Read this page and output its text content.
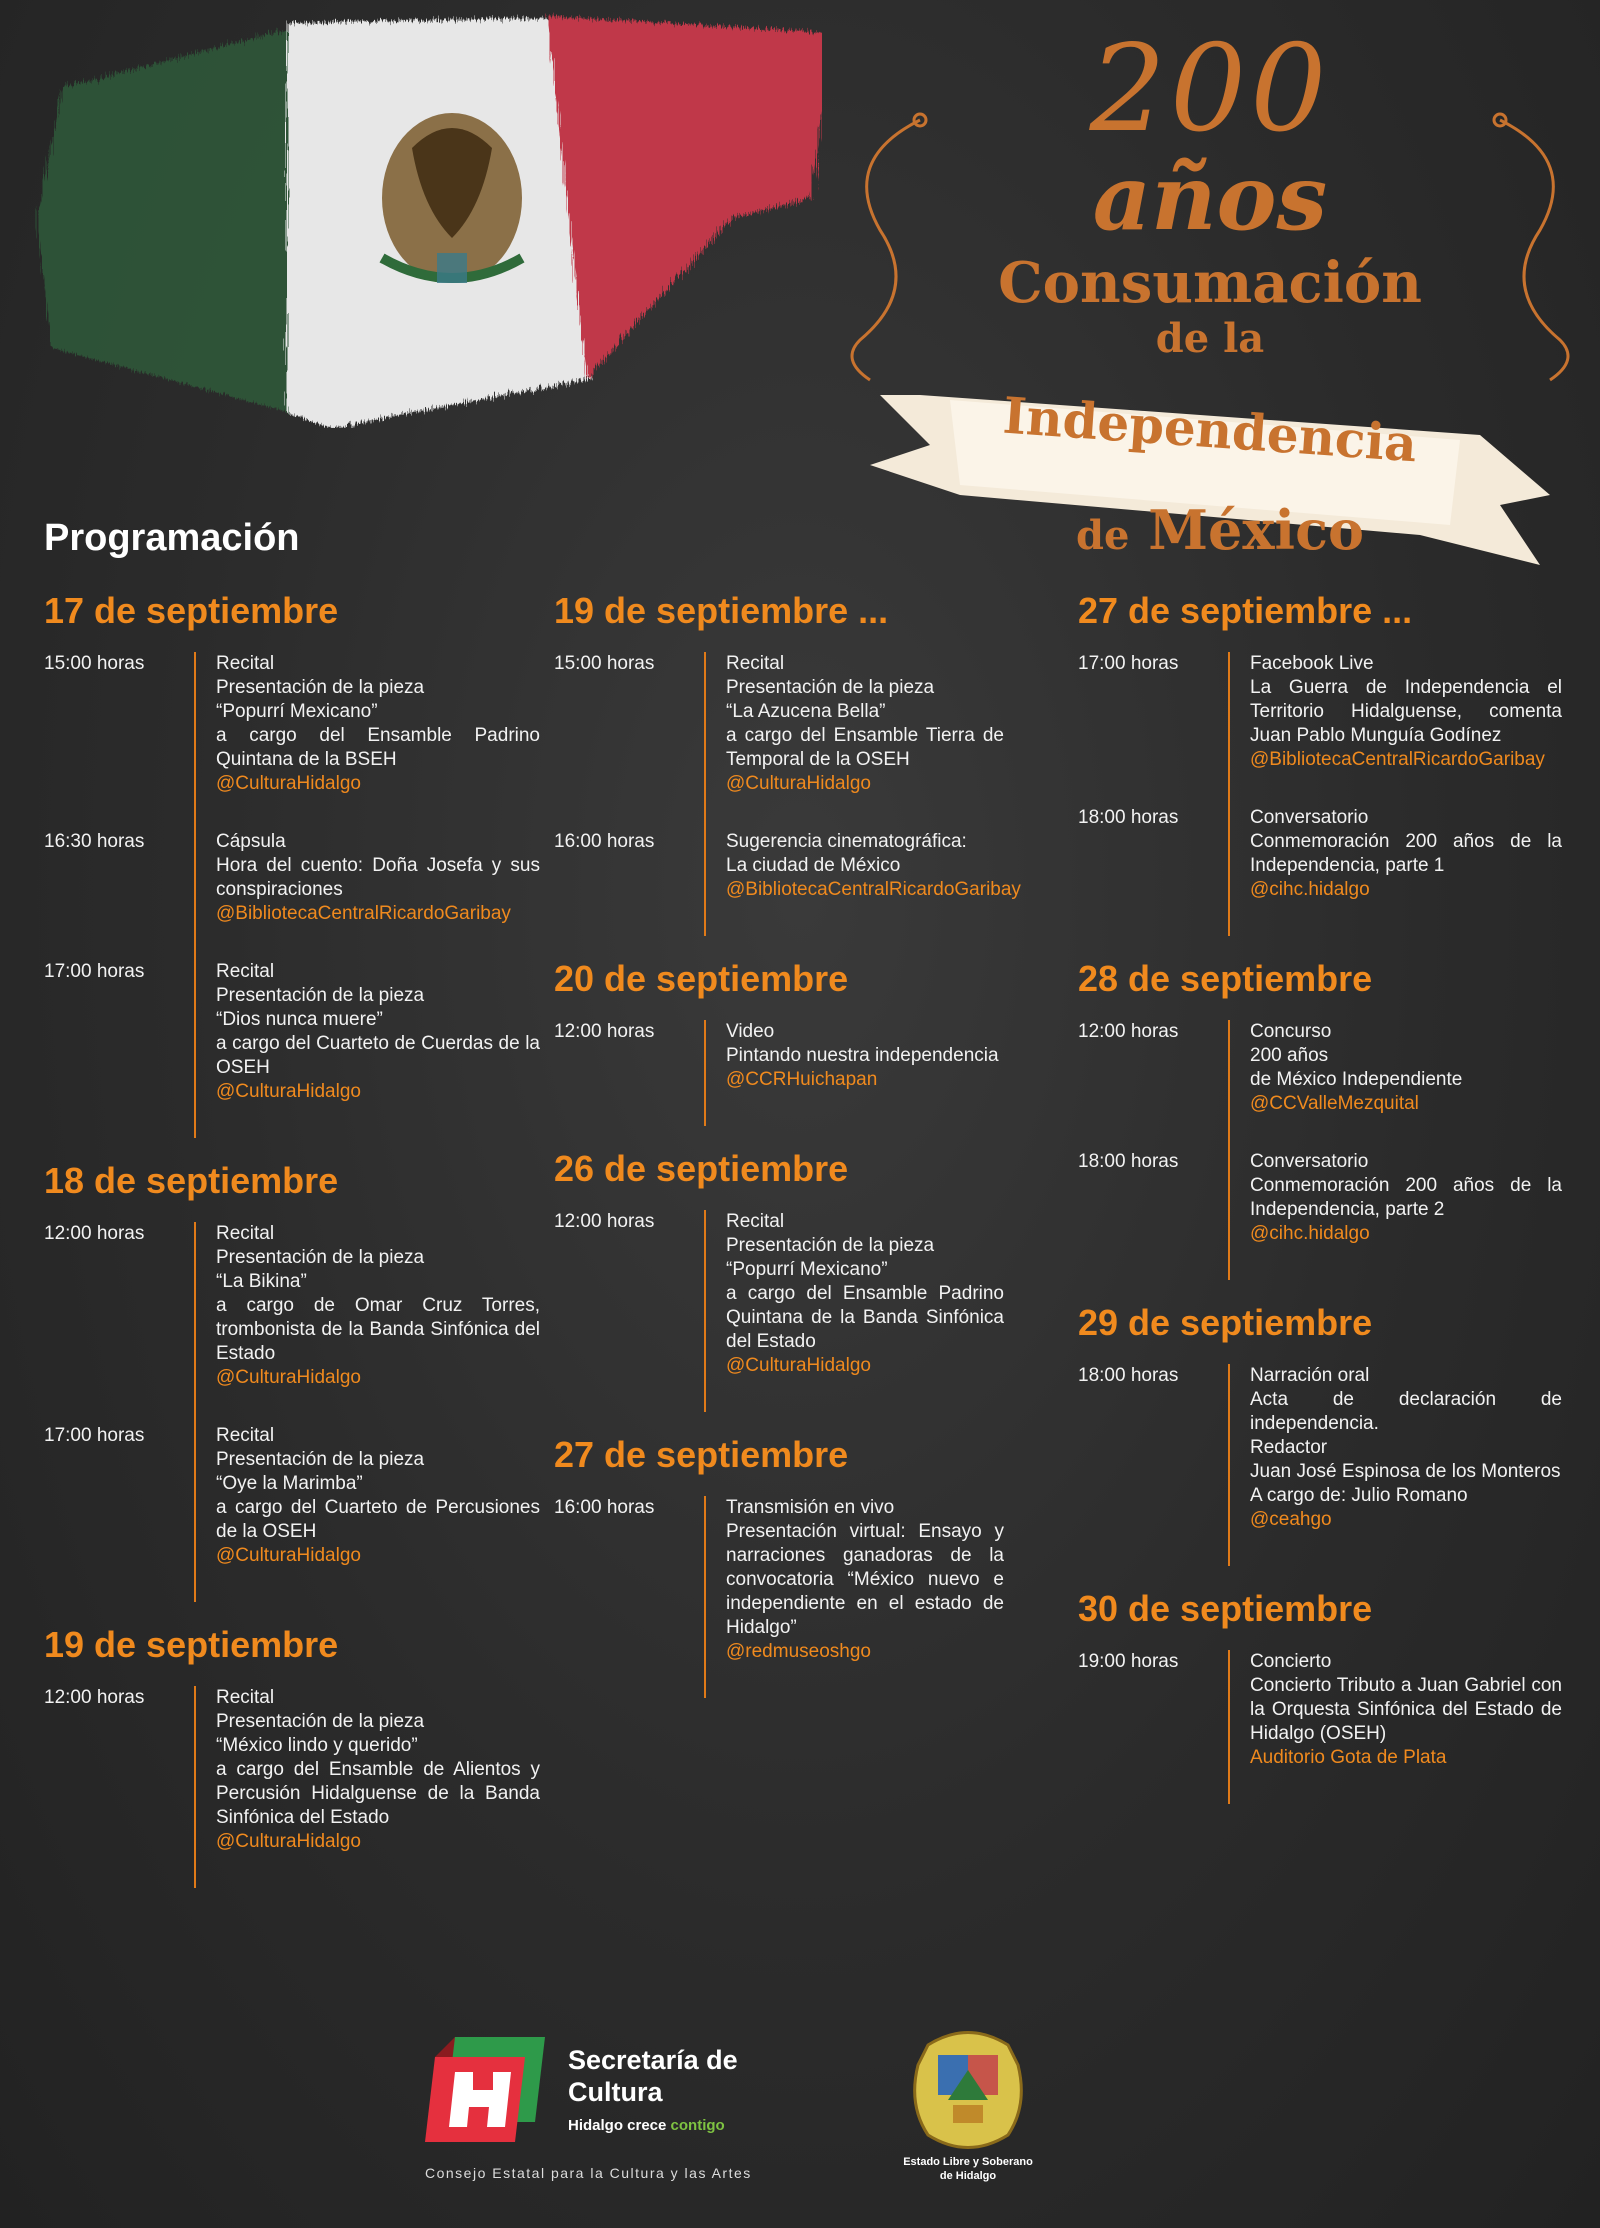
200
años
Consumación
de la
Independencia
de México
Programación
17 de septiembre
15:00 horas	Recital
Presentación de la pieza
“Popurrí Mexicano”
a cargo del Ensamble Padrino Quintana de la BSEH
@CulturaHidalgo
16:30 horas	Cápsula
Hora del cuento: Doña Josefa y sus conspiraciones
@BibliotecaCentralRicardoGaribay
17:00 horas	Recital
Presentación de la pieza
“Dios nunca muere”
a cargo del Cuarteto de Cuerdas de la OSEH
@CulturaHidalgo
18 de septiembre
12:00 horas	Recital
Presentación de la pieza
“La Bikina”
a cargo de Omar Cruz Torres, trombonista de la Banda Sinfónica del Estado
@CulturaHidalgo
17:00 horas	Recital
Presentación de la pieza
“Oye la Marimba”
a cargo del Cuarteto de Percusiones de la OSEH
@CulturaHidalgo
19 de septiembre
12:00 horas	Recital
Presentación de la pieza
“México lindo y querido”
a cargo del Ensamble de Alientos y Percusión Hidalguense de la Banda Sinfónica del Estado
@CulturaHidalgo
19 de septiembre ...
15:00 horas	Recital
Presentación de la pieza
“La Azucena Bella”
a cargo del Ensamble Tierra de Temporal de la OSEH
@CulturaHidalgo
16:00 horas	Sugerencia cinematográfica:
La ciudad de México
@BibliotecaCentralRicardoGaribay
20 de septiembre
12:00 horas	Video
Pintando nuestra independencia
@CCRHuichapan
26 de septiembre
12:00 horas	Recital
Presentación de la pieza
“Popurrí Mexicano”
a cargo del Ensamble Padrino Quintana de la Banda Sinfónica del Estado
@CulturaHidalgo
27 de septiembre
16:00 horas	Transmisión en vivo
Presentación virtual: Ensayo y narraciones ganadoras de la convocatoria “México nuevo e independiente en el estado de Hidalgo”
@redmuseoshgo
27 de septiembre ...
17:00 horas	Facebook Live
La Guerra de Independencia el Territorio Hidalguense, comenta Juan Pablo Munguía Godínez
@BibliotecaCentralRicardoGaribay
18:00 horas	Conversatorio
Conmemoración 200 años de la Independencia, parte 1
@cihc.hidalgo
28 de septiembre
12:00 horas	Concurso
200 años
de México Independiente
@CCValleMezquital
18:00 horas	Conversatorio
Conmemoración 200 años de la Independencia, parte 2
@cihc.hidalgo
29 de septiembre
18:00 horas	Narración oral
Acta de declaración de independencia.
Redactor
Juan José Espinosa de los Monteros
A cargo de: Julio Romano
@ceahgo
30 de septiembre
19:00 horas	Concierto
Concierto Tributo a Juan Gabriel con la Orquesta Sinfónica del Estado de Hidalgo (OSEH)
Auditorio Gota de Plata
Secretaría de
Cultura
Hidalgo crece contigo
Consejo Estatal para la Cultura y las Artes
Estado Libre y Soberano
de Hidalgo
